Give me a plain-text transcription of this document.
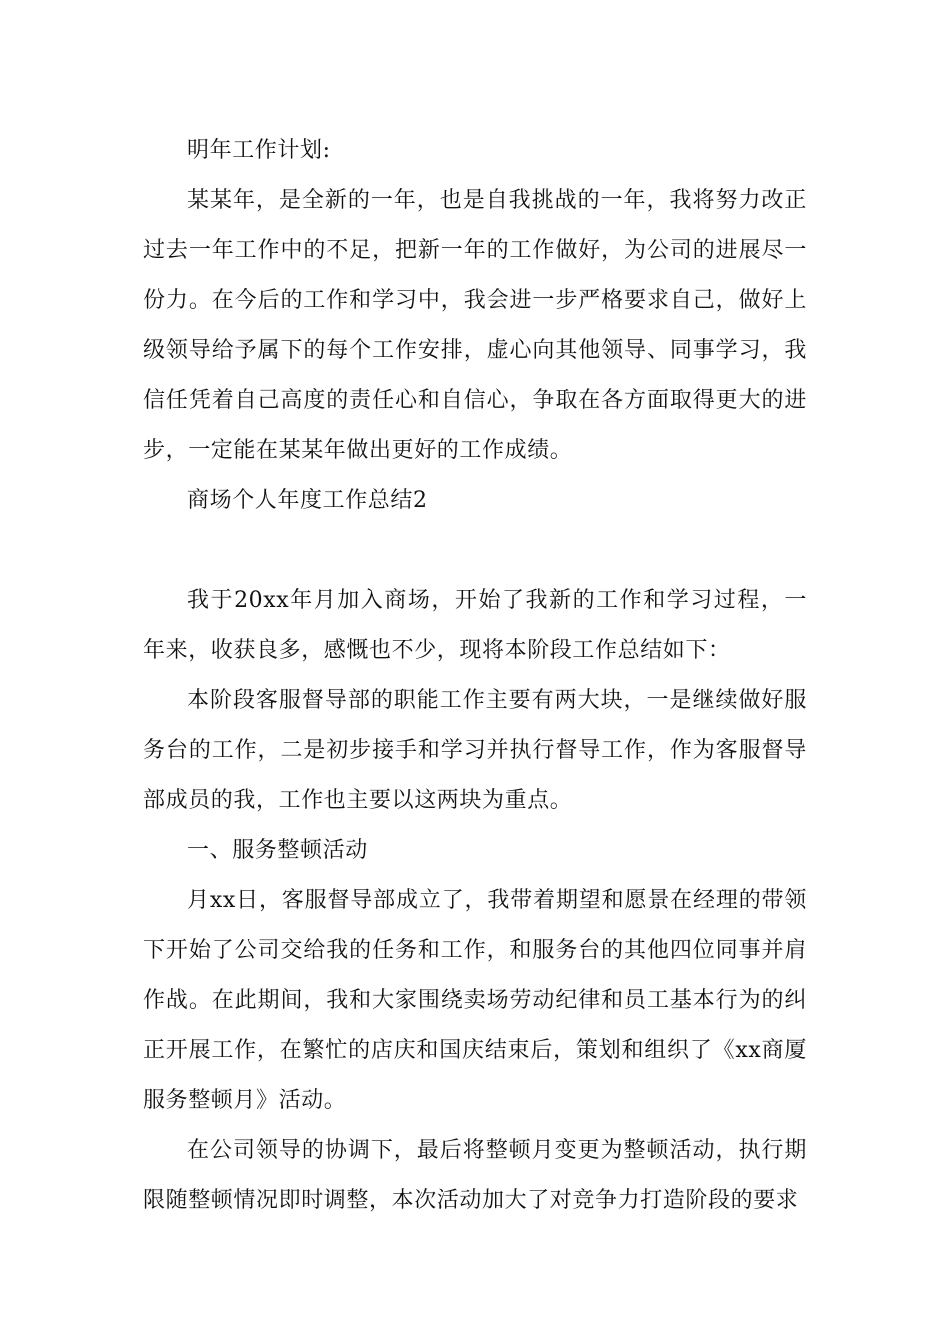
明年工作计划:

某某年，是全新的一年，也是自我挑战的一年，我将努力改正过去一年工作中的不足，把新一年的工作做好，为公司的进展尽一份力。在今后的工作和学习中，我会进一步严格要求自己，做好上级领导给予属下的每个工作安排，虚心向其他领导、同事学习，我信任凭着自己高度的责任心和自信心，争取在各方面取得更大的进步，一定能在某某年做出更好的工作成绩。

商场个人年度工作总结2

我于20xx年月加入商场，开始了我新的工作和学习过程，一年来，收获良多，感慨也不少，现将本阶段工作总结如下：

本阶段客服督导部的职能工作主要有两大块，一是继续做好服务台的工作，二是初步接手和学习并执行督导工作，作为客服督导部成员的我，工作也主要以这两块为重点。

一、服务整顿活动

月xx日，客服督导部成立了，我带着期望和愿景在经理的带领下开始了公司交给我的任务和工作，和服务台的其他四位同事并肩作战。在此期间，我和大家围绕卖场劳动纪律和员工基本行为的纠正开展工作，在繁忙的店庆和国庆结束后，策划和组织了《xx商厦服务整顿月》活动。

在公司领导的协调下，最后将整顿月变更为整顿活动，执行期限随整顿情况即时调整，本次活动加大了对竞争力打造阶段的要求
